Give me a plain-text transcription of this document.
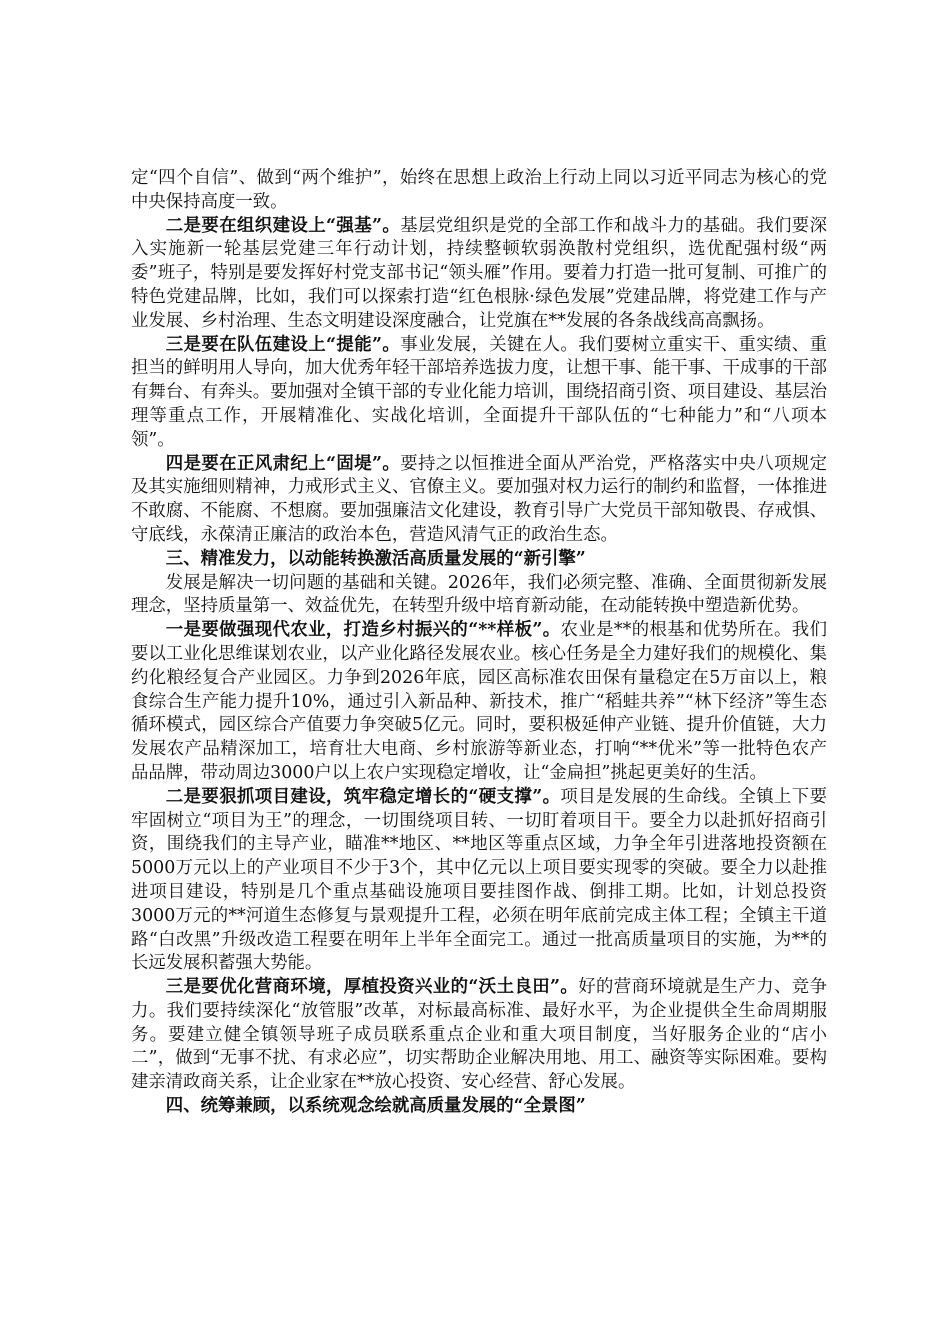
定“四个自信”、做到“两个维护”，始终在思想上政治上行动上同以习近平同志为核心的党中央保持高度一致。

二是要在组织建设上“强基”。基层党组织是党的全部工作和战斗力的基础。我们要深入实施新一轮基层党建三年行动计划，持续整顿软弱涣散村党组织，选优配强村级“两委”班子，特别是要发挥好村党支部书记“领头雁”作用。要着力打造一批可复制、可推广的特色党建品牌，比如，我们可以探索打造“红色根脉·绿色发展”党建品牌，将党建工作与产业发展、乡村治理、生态文明建设深度融合，让党旗在**发展的各条战线高高飘扬。

三是要在队伍建设上“提能”。事业发展，关键在人。我们要树立重实干、重实绩、重担当的鲜明用人导向，加大优秀年轻干部培养选拔力度，让想干事、能干事、干成事的干部有舞台、有奔头。要加强对全镇干部的专业化能力培训，围绕招商引资、项目建设、基层治理等重点工作，开展精准化、实战化培训，全面提升干部队伍的“七种能力”和“八项本领”。

四是要在正风肃纪上“固堤”。要持之以恒推进全面从严治党，严格落实中央八项规定及其实施细则精神，力戒形式主义、官僚主义。要加强对权力运行的制约和监督，一体推进不敢腐、不能腐、不想腐。要加强廉洁文化建设，教育引导广大党员干部知敬畏、存戒惧、守底线，永葆清正廉洁的政治本色，营造风清气正的政治生态。

三、精准发力，以动能转换激活高质量发展的“新引擎”

发展是解决一切问题的基础和关键。2026年，我们必须完整、准确、全面贯彻新发展理念，坚持质量第一、效益优先，在转型升级中培育新动能，在动能转换中塑造新优势。

一是要做强现代农业，打造乡村振兴的“**样板”。农业是**的根基和优势所在。我们要以工业化思维谋划农业，以产业化路径发展农业。核心任务是全力建好我们的规模化、集约化粮经复合产业园区。力争到2026年底，园区高标准农田保有量稳定在5万亩以上，粮食综合生产能力提升10%，通过引入新品种、新技术，推广“稻蛙共养”“林下经济”等生态循环模式，园区综合产值要力争突破5亿元。同时，要积极延伸产业链、提升价值链，大力发展农产品精深加工，培育壮大电商、乡村旅游等新业态，打响“**优米”等一批特色农产品品牌，带动周边3000户以上农户实现稳定增收，让“金扁担”挑起更美好的生活。

二是要狠抓项目建设，筑牢稳定增长的“硬支撑”。项目是发展的生命线。全镇上下要牢固树立“项目为王”的理念，一切围绕项目转、一切盯着项目干。要全力以赴抓好招商引资，围绕我们的主导产业，瞄准**地区、**地区等重点区域，力争全年引进落地投资额在5000万元以上的产业项目不少于3个，其中亿元以上项目要实现零的突破。要全力以赴推进项目建设，特别是几个重点基础设施项目要挂图作战、倒排工期。比如，计划总投资3000万元的**河道生态修复与景观提升工程，必须在明年底前完成主体工程；全镇主干道路“白改黑”升级改造工程要在明年上半年全面完工。通过一批高质量项目的实施，为**的长远发展积蓄强大势能。

三是要优化营商环境，厚植投资兴业的“沃土良田”。好的营商环境就是生产力、竞争力。我们要持续深化“放管服”改革，对标最高标准、最好水平，为企业提供全生命周期服务。要建立健全镇领导班子成员联系重点企业和重大项目制度，当好服务企业的“店小二”，做到“无事不扰、有求必应”，切实帮助企业解决用地、用工、融资等实际困难。要构建亲清政商关系，让企业家在**放心投资、安心经营、舒心发展。

四、统筹兼顾，以系统观念绘就高质量发展的“全景图”
